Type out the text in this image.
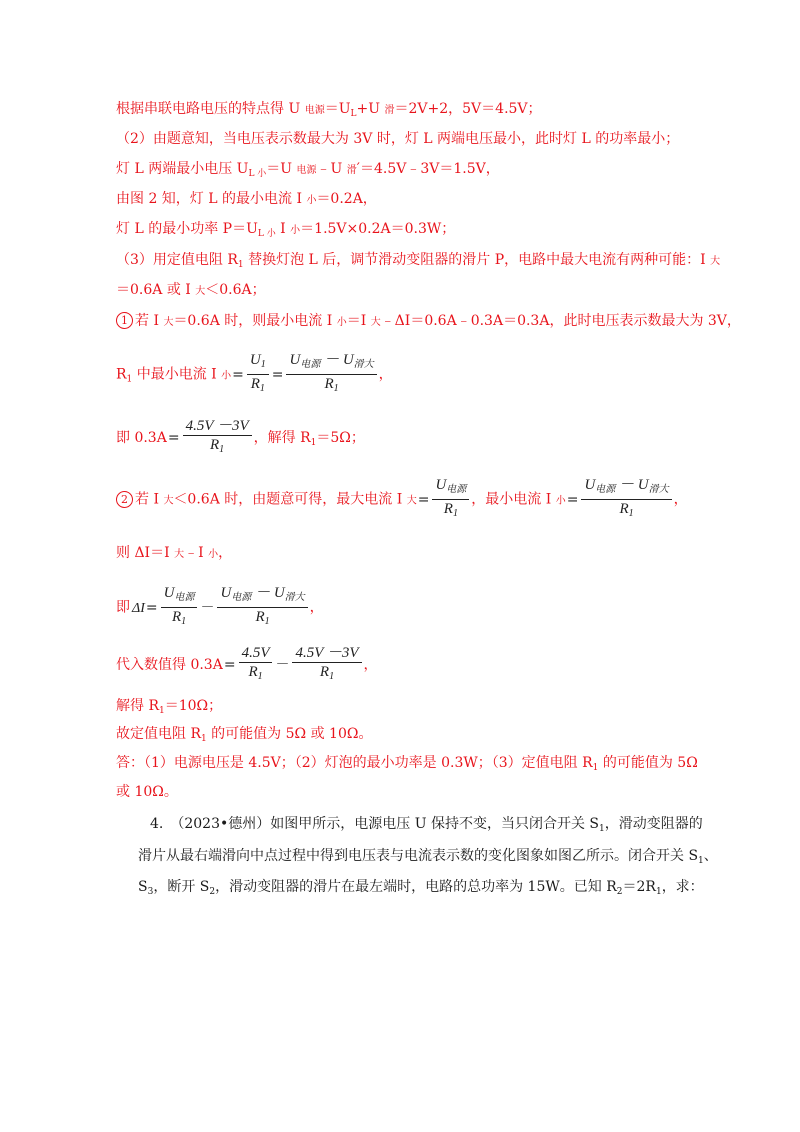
根据串联电路电压的特点得 U 电源$=U_L+U$ 滑＝2V+2，5V＝4.5V；
（2）由题意知，当电压表示数最大为 3V 时，灯 L 两端电压最小，此时灯 L 的功率最小；
灯 L 两端最小电压 $U_{L 小}=U$ 电源﹣U 滑′＝4.5V﹣3V＝1.5V，
由图 2 知，灯 L 的最小电流 I 小＝0.2A，
灯 L 的最小功率 $P=U_{L 小}$ I 小＝1.5V×0.2A＝0.3W；
（3）用定值电阻 $R_1$ 替换灯泡 L 后，调节滑动变阻器的滑片 P，电路中最大电流有两种可能：I 大
＝0.6A 或 I 大＜0.6A；
1 若 I 大＝0.6A 时，则最小电流 I 小＝I 大﹣ΔI＝0.6A﹣0.3A＝0.3A，此时电压表示数最大为 3V，
$R_1$ 中最小电流 I 小= $\frac{U_1}{R_1} = \frac{U_{电源} - U_{滑大}}{R_1}$ ，
即 $0.3A= \frac{4.5V -3V}{R_1}$ ，解得 $R_1=5\Omega$；
2 若 I 大＜0.6A 时，由题意可得，最大电流 I 大= $\frac{U_{电源}}{R_1}$ ，最小电流 I 小= $\frac{U_{电源} - U_{滑大}}{R_1}$ ，
则 ΔI＝I 大﹣I 小，
即 $\Delta I= \frac{U_{电源}}{R_1} - \frac{U_{电源} - U_{滑大}}{R_1}$ ，
代入数值得 $0.3A= \frac{4.5V}{R_1} - \frac{4.5V -3V}{R_1}$ ，
解得 $R_1=10\Omega$；
故定值电阻 $R_1$ 的可能值为 5Ω 或 10Ω。
答：（1）电源电压是 4.5V；（2）灯泡的最小功率是 0.3W；（3）定值电阻 $R_1$ 的可能值为 5Ω
或 10Ω。
4.　（2023•德州）如图甲所示，电源电压 U 保持不变，当只闭合开关 $S_1$，滑动变阻器的
滑片从最右端滑向中点过程中得到电压表与电流表示数的变化图象如图乙所示。闭合开关 $S_1$、
$S_3$，断开 $S_2$，滑动变阻器的滑片在最左端时，电路的总功率为 15W。已知 $R_2=2R_1$，求：
